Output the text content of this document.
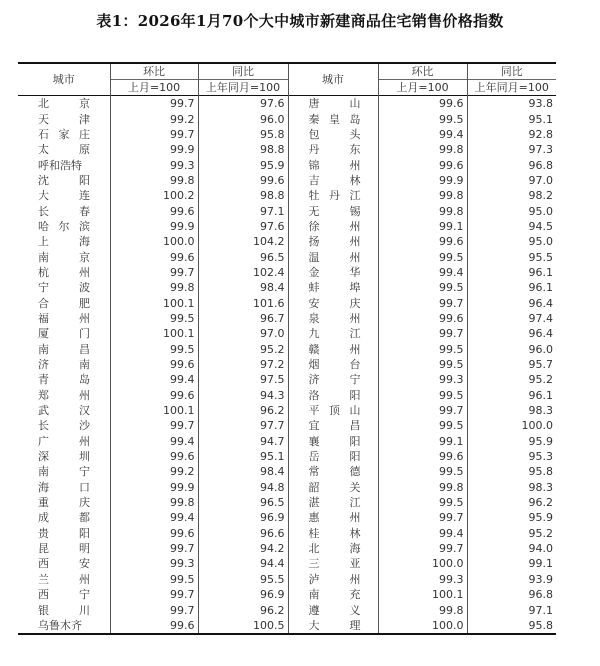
表1：2026年1月70个大中城市新建商品住宅销售价格指数
城市	环比	同比	城市	环比	同比
	上月=100	上年同月=100		上月=100	上年同月=100

北 京	99.7	97.6	唐 山	99.6	93.8

天 津	99.2	96.0	秦 皇 岛	99.5	95.1

石 家 庄	99.7	95.8	包 头	99.4	92.8

太 原	99.9	98.8	丹 东	99.8	97.3
呼和浩特	99.3	95.9	锦 州	99.6	96.8

沈 阳	99.8	99.6	吉 林	99.9	97.0

大 连	100.2	98.8	牡 丹 江	99.8	98.2

长 春	99.6	97.1	无 锡	99.8	95.0

哈 尔 滨	99.9	97.6	徐 州	99.1	94.5

上 海	100.0	104.2	扬 州	99.6	95.0

南 京	99.6	96.5	温 州	99.5	95.5

杭 州	99.7	102.4	金 华	99.4	96.1

宁 波	99.8	98.4	蚌 埠	99.5	96.1

合 肥	100.1	101.6	安 庆	99.7	96.4

福 州	99.5	96.7	泉 州	99.6	97.4

厦 门	100.1	97.0	九 江	99.7	96.4

南 昌	99.5	95.2	赣 州	99.5	96.0

济 南	99.6	97.2	烟 台	99.5	95.7

青 岛	99.4	97.5	济 宁	99.3	95.2

郑 州	99.6	94.3	洛 阳	99.5	96.1

武 汉	100.1	96.2	平 顶 山	99.7	98.3

长 沙	99.7	97.7	宜 昌	99.5	100.0

广 州	99.4	94.7	襄 阳	99.1	95.9

深 圳	99.6	95.1	岳 阳	99.6	95.3

南 宁	99.2	98.4	常 德	99.5	95.8

海 口	99.9	94.8	韶 关	99.8	98.3

重 庆	99.8	96.5	湛 江	99.5	96.2

成 都	99.4	96.9	惠 州	99.7	95.9

贵 阳	99.6	96.6	桂 林	99.4	95.2

昆 明	99.7	94.2	北 海	99.7	94.0

西 安	99.3	94.4	三 亚	100.0	99.1

兰 州	99.5	95.5	泸 州	99.3	93.9

西 宁	99.7	96.9	南 充	100.1	96.8

银 川	99.7	96.2	遵 义	99.8	97.1
乌鲁木齐	99.6	100.5	大 理	100.0	95.8
